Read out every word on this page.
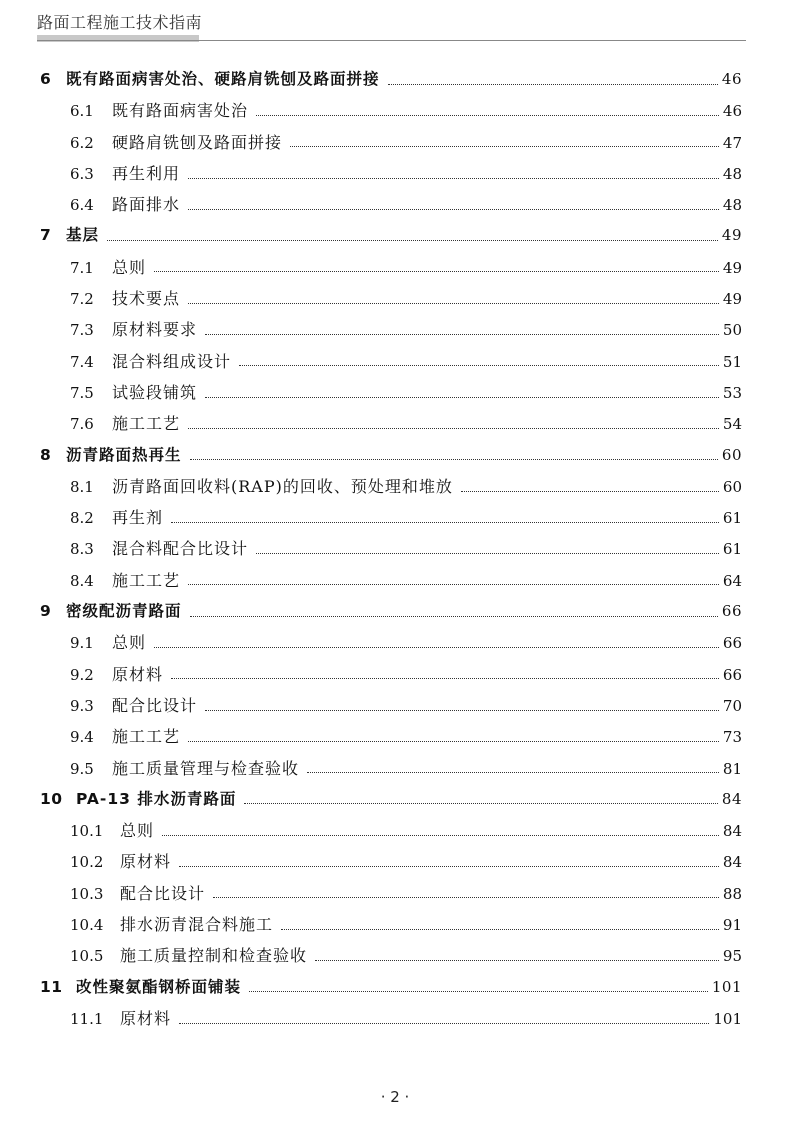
路面工程施工技术指南
6 既有路面病害处治、硬路肩铣刨及路面拼接	46
6.1	既有路面病害处治	46
6.2	硬路肩铣刨及路面拼接	47
6.3	再生利用	48
6.4	路面排水	48
7 基层	49
7.1	总则	49
7.2	技术要点	49
7.3	原材料要求	50
7.4	混合料组成设计	51
7.5	试验段铺筑	53
7.6	施工工艺	54
8 沥青路面热再生	60
8.1	沥青路面回收料(RAP)的回收、预处理和堆放	60
8.2	再生剂	61
8.3	混合料配合比设计	61
8.4	施工工艺	64
9 密级配沥青路面	66
9.1	总则	66
9.2	原材料	66
9.3	配合比设计	70
9.4	施工工艺	73
9.5	施工质量管理与检查验收	81
10 PA-13 排水沥青路面	84
10.1	总则	84
10.2	原材料	84
10.3	配合比设计	88
10.4	排水沥青混合料施工	91
10.5	施工质量控制和检查验收	95
11 改性聚氨酯钢桥面铺装	101
11.1	原材料	101
· 2 ·
